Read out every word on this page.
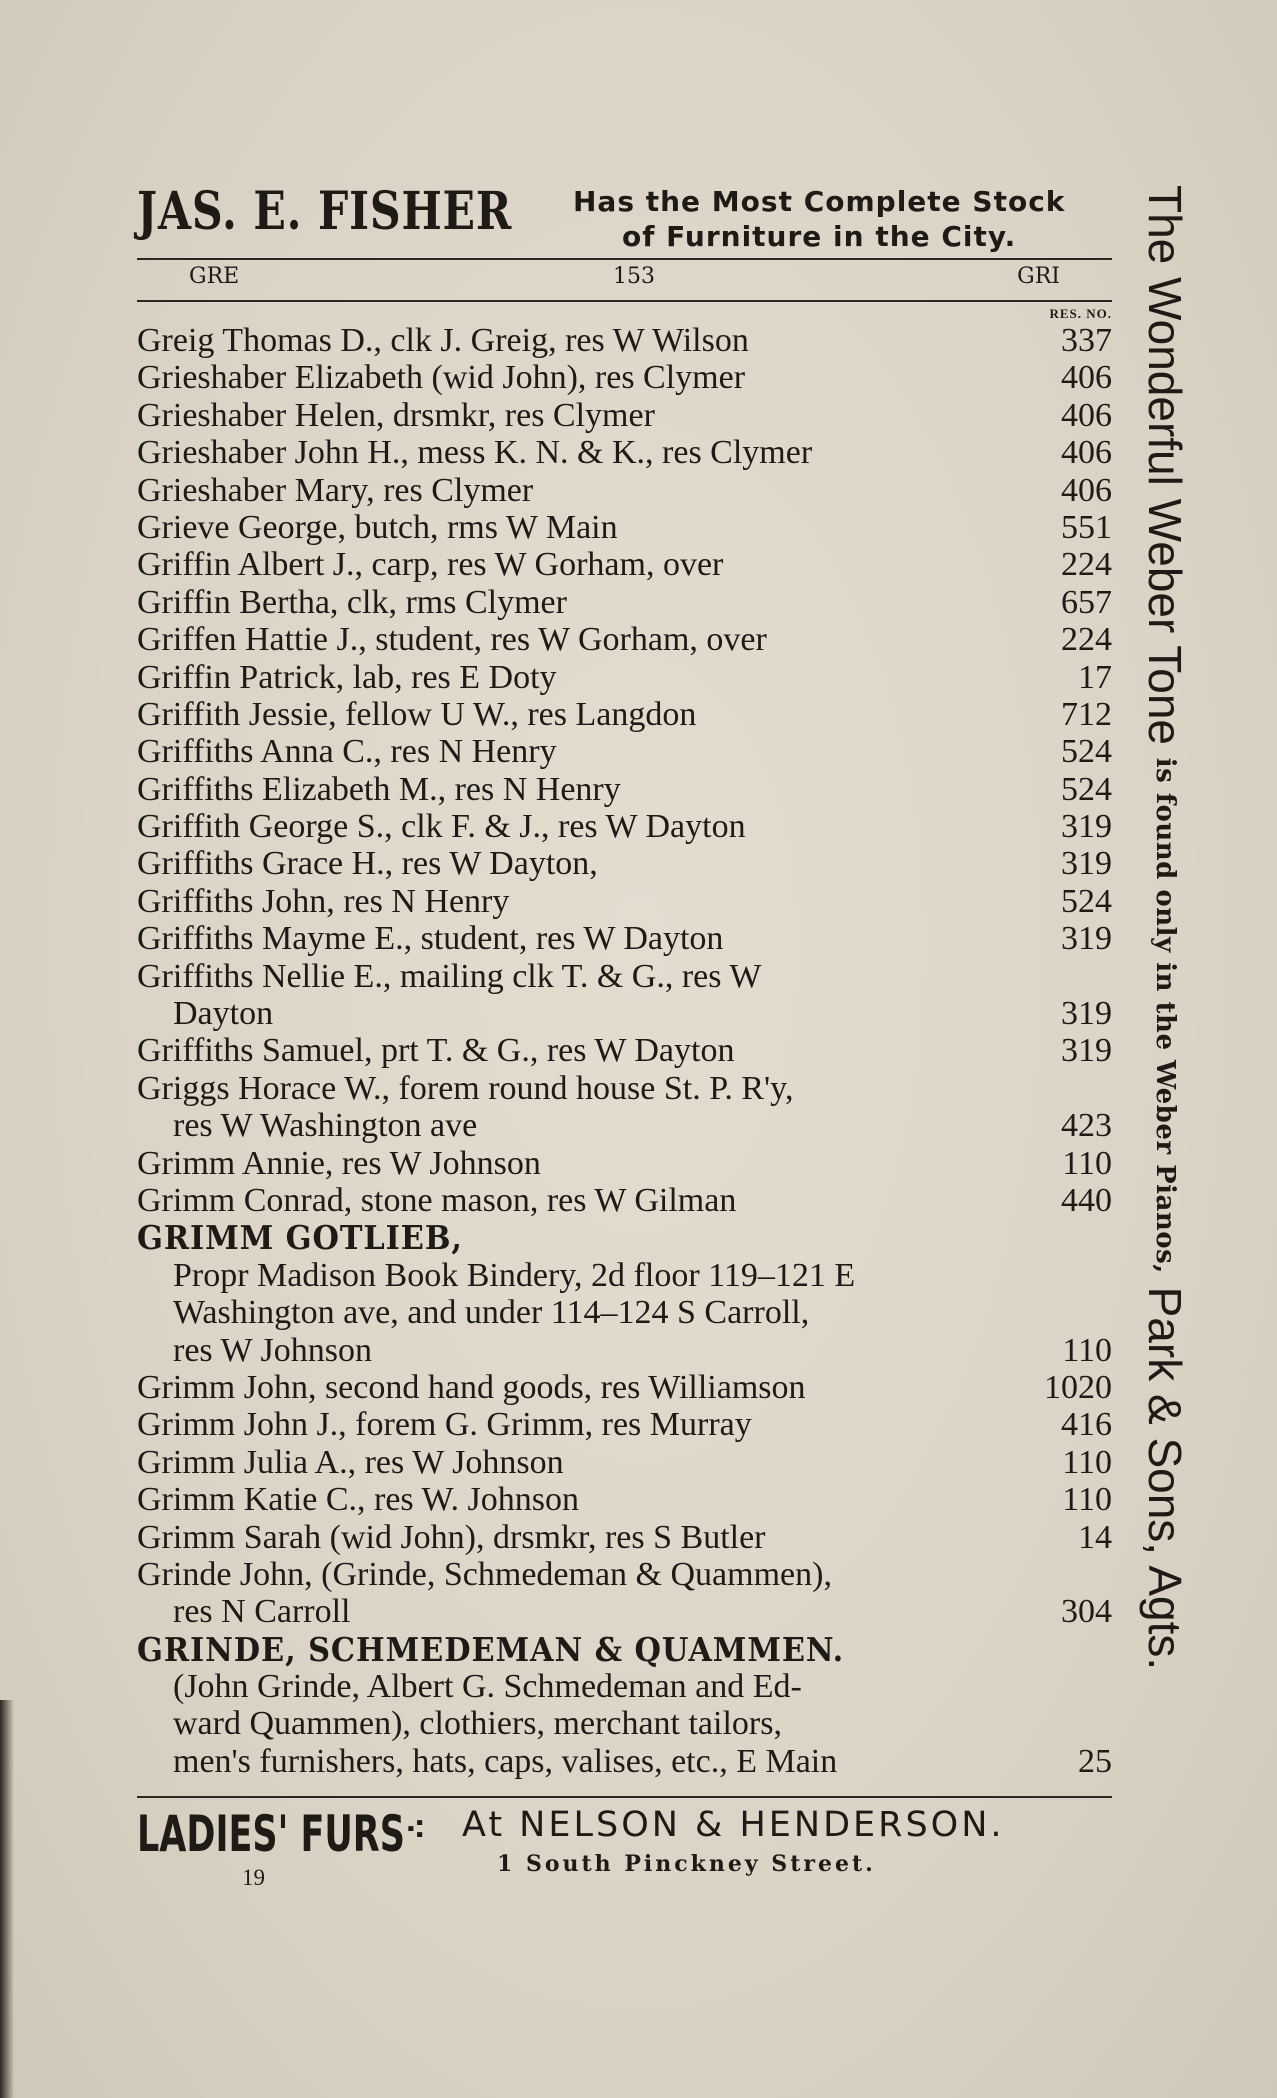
JAS. E. FISHER Has the Most Complete Stock
of Furniture in the City.
GRE	153	GRI
RES. NO.
Greig Thomas D., clk J. Greig, res W Wilson	337
Grieshaber Elizabeth (wid John), res Clymer	406
Grieshaber Helen, drsmkr, res Clymer	406
Grieshaber John H., mess K. N. & K., res Clymer	406
Grieshaber Mary, res Clymer	406
Grieve George, butch, rms W Main	551
Griffin Albert J., carp, res W Gorham, over	224
Griffin Bertha, clk, rms Clymer	657
Griffen Hattie J., student, res W Gorham, over	224
Griffin Patrick, lab, res E Doty	17
Griffith Jessie, fellow U W., res Langdon	712
Griffiths Anna C., res N Henry	524
Griffiths Elizabeth M., res N Henry	524
Griffith George S., clk F. & J., res W Dayton	319
Griffiths Grace H., res W Dayton,	319
Griffiths John, res N Henry	524
Griffiths Mayme E., student, res W Dayton	319
Griffiths Nellie E., mailing clk T. & G., res W
Dayton	319
Griffiths Samuel, prt T. & G., res W Dayton	319
Griggs Horace W., forem round house St. P. R'y,
res W Washington ave	423
Grimm Annie, res W Johnson	110
Grimm Conrad, stone mason, res W Gilman	440
GRIMM GOTLIEB,
Propr Madison Book Bindery, 2d floor 119–121 E
Washington ave, and under 114–124 S Carroll,
res W Johnson	110
Grimm John, second hand goods, res Williamson	1020
Grimm John J., forem G. Grimm, res Murray	416
Grimm Julia A., res W Johnson	110
Grimm Katie C., res W. Johnson	110
Grimm Sarah (wid John), drsmkr, res S Butler	14
Grinde John, (Grinde, Schmedeman & Quammen),
res N Carroll	304
GRINDE, SCHMEDEMAN & QUAMMEN.
(John Grinde, Albert G. Schmedeman and Ed-
ward Quammen), clothiers, merchant tailors,
men's furnishers, hats, caps, valises, etc., E Main	25
LADIES' FURS ⁖ At NELSON & HENDERSON.
1 South Pinckney Street.
19
The Wonderful Weber Tone is found only in the Weber Pianos, Park & Sons, Agts.
